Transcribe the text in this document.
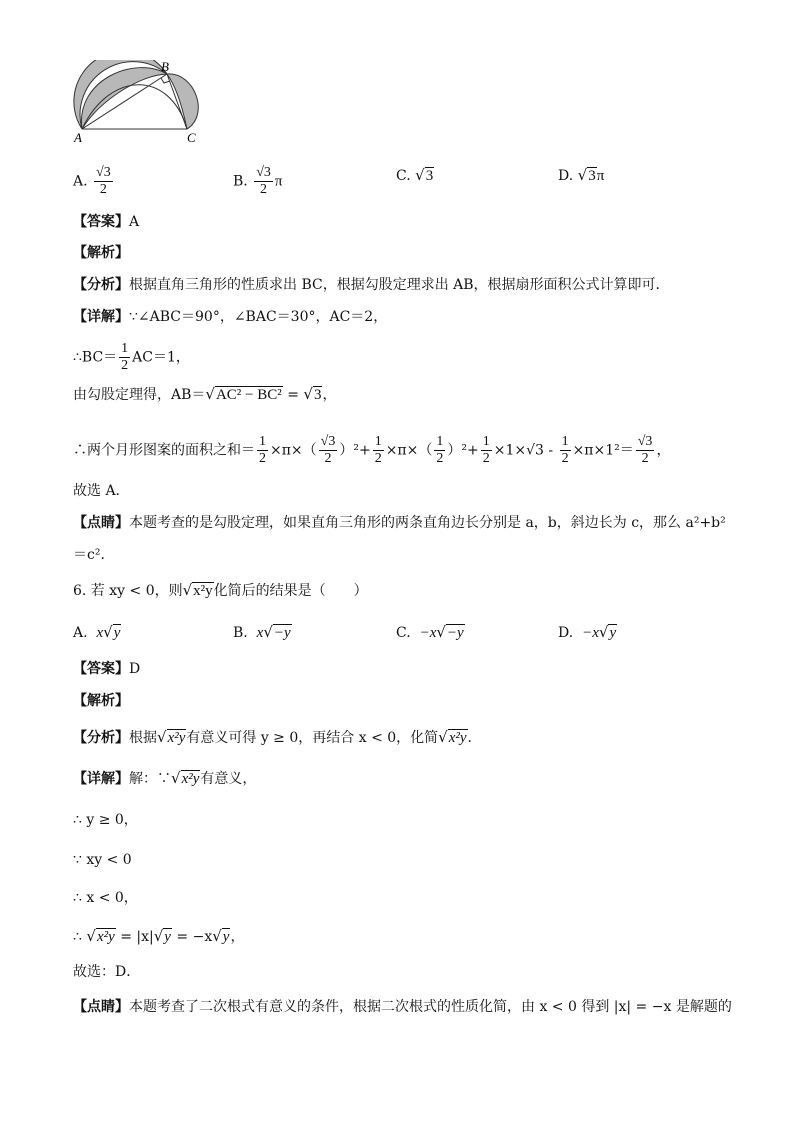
A
B
C
A. $\frac{√3}{2}$	B. $\frac{√3}{2}$ π	C. √3	D. √3π
【答案】A
【解析】
【分析】根据直角三角形的性质求出 BC，根据勾股定理求出 AB，根据扇形面积公式计算即可．
【详解】∵∠ABC＝90°，∠BAC＝30°，AC＝2，
∴BC＝ $\frac{1}{2} AC=1$，
由勾股定理得，AB＝√AC² − BC² = √3，
∴两个月形图案的面积之和＝ $\frac{1}{2} \times\pi\times( \frac{√3}{2} )^2+ \frac{1}{2} \times\pi\times( \frac{1}{2} )^2+ \frac{1}{2} \times 1\times√3 - \frac{1}{2} \times\pi\times 1^2= \frac{√3}{2}$ ，
故选 A．
【点睛】本题考查的是勾股定理，如果直角三角形的两条直角边长分别是 a，b，斜边长为 c，那么 a²+b²
＝c²．
6. 若 xy < 0，则√x²y化简后的结果是（　　）
A. x√y	B. x√−y	C. −x√−y	D. −x√y
【答案】D
【解析】
【分析】根据√x²y有意义可得 y ≥ 0，再结合 x < 0，化简√x²y．
【详解】解：∵√x²y有意义，
∴ y ≥ 0，
∵ xy < 0
∴ x < 0，
∴ √x²y = |x|√y = −x√y，
故选：D．
【点睛】本题考查了二次根式有意义的条件，根据二次根式的性质化简，由 x < 0 得到 |x| = −x 是解题的
